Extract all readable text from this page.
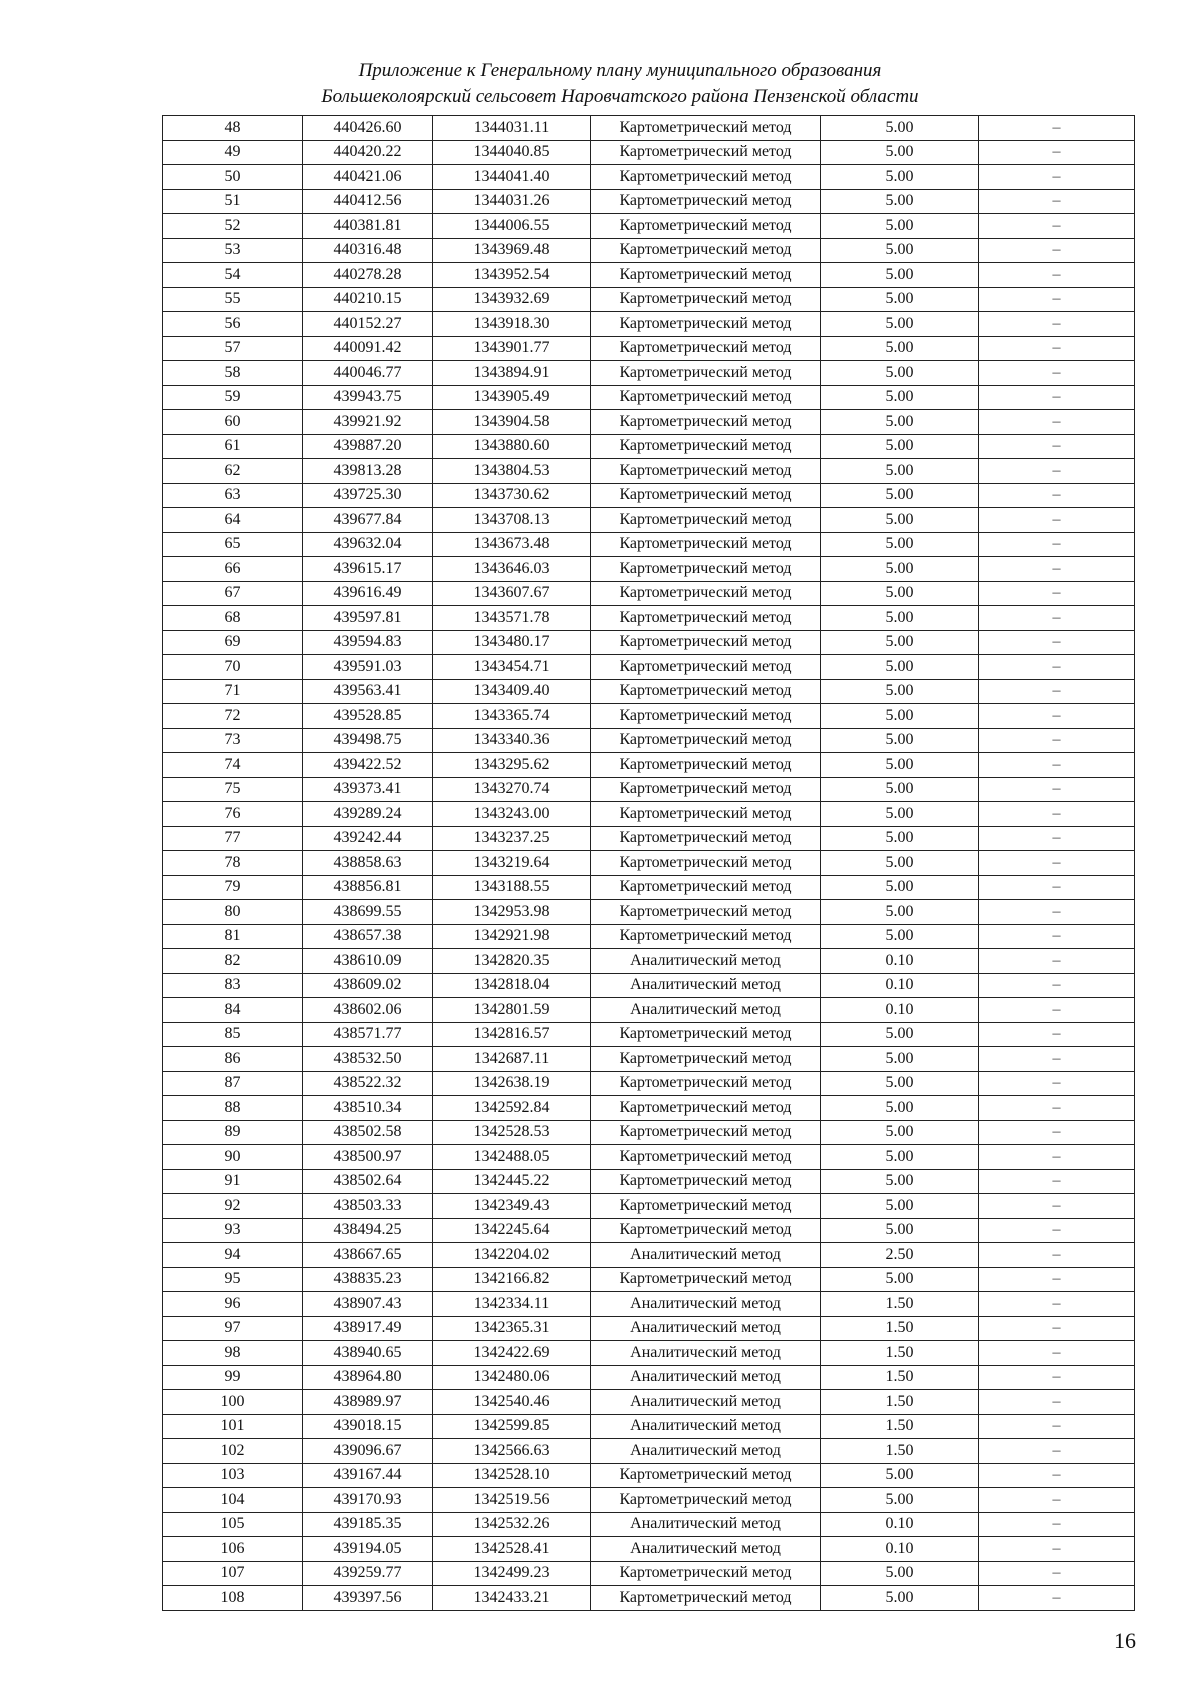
Приложение к Генеральному плану муниципального образования
Большеколоярский сельсовет Наровчатского района Пензенской области
48	440426.60	1344031.11	Картометрический метод	5.00	–
49	440420.22	1344040.85	Картометрический метод	5.00	–
50	440421.06	1344041.40	Картометрический метод	5.00	–
51	440412.56	1344031.26	Картометрический метод	5.00	–
52	440381.81	1344006.55	Картометрический метод	5.00	–
53	440316.48	1343969.48	Картометрический метод	5.00	–
54	440278.28	1343952.54	Картометрический метод	5.00	–
55	440210.15	1343932.69	Картометрический метод	5.00	–
56	440152.27	1343918.30	Картометрический метод	5.00	–
57	440091.42	1343901.77	Картометрический метод	5.00	–
58	440046.77	1343894.91	Картометрический метод	5.00	–
59	439943.75	1343905.49	Картометрический метод	5.00	–
60	439921.92	1343904.58	Картометрический метод	5.00	–
61	439887.20	1343880.60	Картометрический метод	5.00	–
62	439813.28	1343804.53	Картометрический метод	5.00	–
63	439725.30	1343730.62	Картометрический метод	5.00	–
64	439677.84	1343708.13	Картометрический метод	5.00	–
65	439632.04	1343673.48	Картометрический метод	5.00	–
66	439615.17	1343646.03	Картометрический метод	5.00	–
67	439616.49	1343607.67	Картометрический метод	5.00	–
68	439597.81	1343571.78	Картометрический метод	5.00	–
69	439594.83	1343480.17	Картометрический метод	5.00	–
70	439591.03	1343454.71	Картометрический метод	5.00	–
71	439563.41	1343409.40	Картометрический метод	5.00	–
72	439528.85	1343365.74	Картометрический метод	5.00	–
73	439498.75	1343340.36	Картометрический метод	5.00	–
74	439422.52	1343295.62	Картометрический метод	5.00	–
75	439373.41	1343270.74	Картометрический метод	5.00	–
76	439289.24	1343243.00	Картометрический метод	5.00	–
77	439242.44	1343237.25	Картометрический метод	5.00	–
78	438858.63	1343219.64	Картометрический метод	5.00	–
79	438856.81	1343188.55	Картометрический метод	5.00	–
80	438699.55	1342953.98	Картометрический метод	5.00	–
81	438657.38	1342921.98	Картометрический метод	5.00	–
82	438610.09	1342820.35	Аналитический метод	0.10	–
83	438609.02	1342818.04	Аналитический метод	0.10	–
84	438602.06	1342801.59	Аналитический метод	0.10	–
85	438571.77	1342816.57	Картометрический метод	5.00	–
86	438532.50	1342687.11	Картометрический метод	5.00	–
87	438522.32	1342638.19	Картометрический метод	5.00	–
88	438510.34	1342592.84	Картометрический метод	5.00	–
89	438502.58	1342528.53	Картометрический метод	5.00	–
90	438500.97	1342488.05	Картометрический метод	5.00	–
91	438502.64	1342445.22	Картометрический метод	5.00	–
92	438503.33	1342349.43	Картометрический метод	5.00	–
93	438494.25	1342245.64	Картометрический метод	5.00	–
94	438667.65	1342204.02	Аналитический метод	2.50	–
95	438835.23	1342166.82	Картометрический метод	5.00	–
96	438907.43	1342334.11	Аналитический метод	1.50	–
97	438917.49	1342365.31	Аналитический метод	1.50	–
98	438940.65	1342422.69	Аналитический метод	1.50	–
99	438964.80	1342480.06	Аналитический метод	1.50	–
100	438989.97	1342540.46	Аналитический метод	1.50	–
101	439018.15	1342599.85	Аналитический метод	1.50	–
102	439096.67	1342566.63	Аналитический метод	1.50	–
103	439167.44	1342528.10	Картометрический метод	5.00	–
104	439170.93	1342519.56	Картометрический метод	5.00	–
105	439185.35	1342532.26	Аналитический метод	0.10	–
106	439194.05	1342528.41	Аналитический метод	0.10	–
107	439259.77	1342499.23	Картометрический метод	5.00	–
108	439397.56	1342433.21	Картометрический метод	5.00	–
16
